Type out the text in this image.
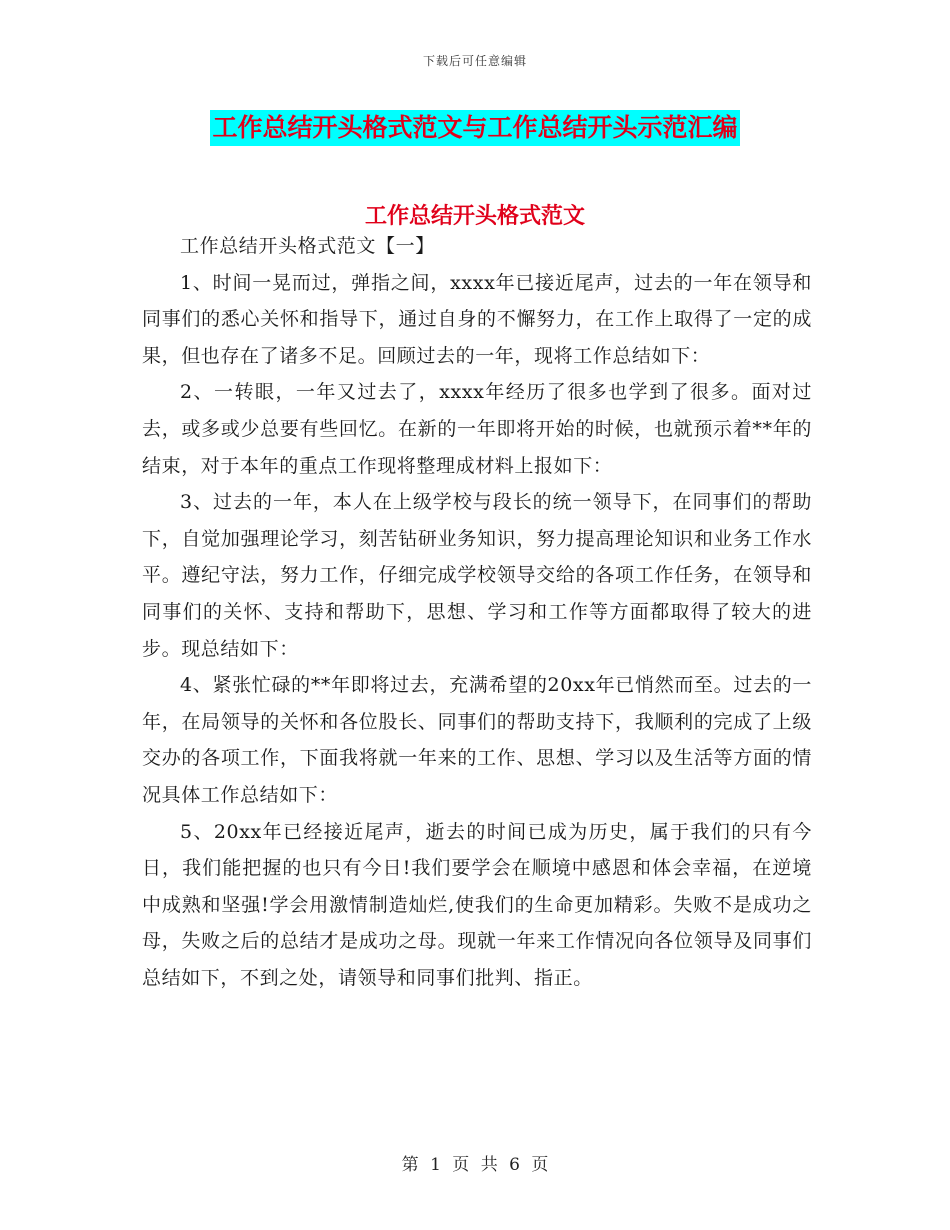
下载后可任意编辑
工作总结开头格式范文与工作总结开头示范汇编
工作总结开头格式范文

工作总结开头格式范文【一】

1、时间一晃而过，弹指之间，xxxx年已接近尾声，过去的一年在领导和同事们的悉心关怀和指导下，通过自身的不懈努力，在工作上取得了一定的成果，但也存在了诸多不足。回顾过去的一年，现将工作总结如下：

2、一转眼，一年又过去了，xxxx年经历了很多也学到了很多。面对过去，或多或少总要有些回忆。在新的一年即将开始的时候，也就预示着**年的结束，对于本年的重点工作现将整理成材料上报如下：

3、过去的一年，本人在上级学校与段长的统一领导下，在同事们的帮助下，自觉加强理论学习，刻苦钻研业务知识，努力提高理论知识和业务工作水平。遵纪守法，努力工作，仔细完成学校领导交给的各项工作任务，在领导和同事们的关怀、支持和帮助下，思想、学习和工作等方面都取得了较大的进步。现总结如下：

4、紧张忙碌的**年即将过去，充满希望的20xx年已悄然而至。过去的一年，在局领导的关怀和各位股长、同事们的帮助支持下，我顺利的完成了上级交办的各项工作，下面我将就一年来的工作、思想、学习以及生活等方面的情况具体工作总结如下：

5、20xx年已经接近尾声，逝去的时间已成为历史，属于我们的只有今日，我们能把握的也只有今日!我们要学会在顺境中感恩和体会幸福，在逆境中成熟和坚强!学会用激情制造灿烂,使我们的生命更加精彩。失败不是成功之母，失败之后的总结才是成功之母。现就一年来工作情况向各位领导及同事们总结如下，不到之处，请领导和同事们批判、指正。

第 1 页 共 6 页
